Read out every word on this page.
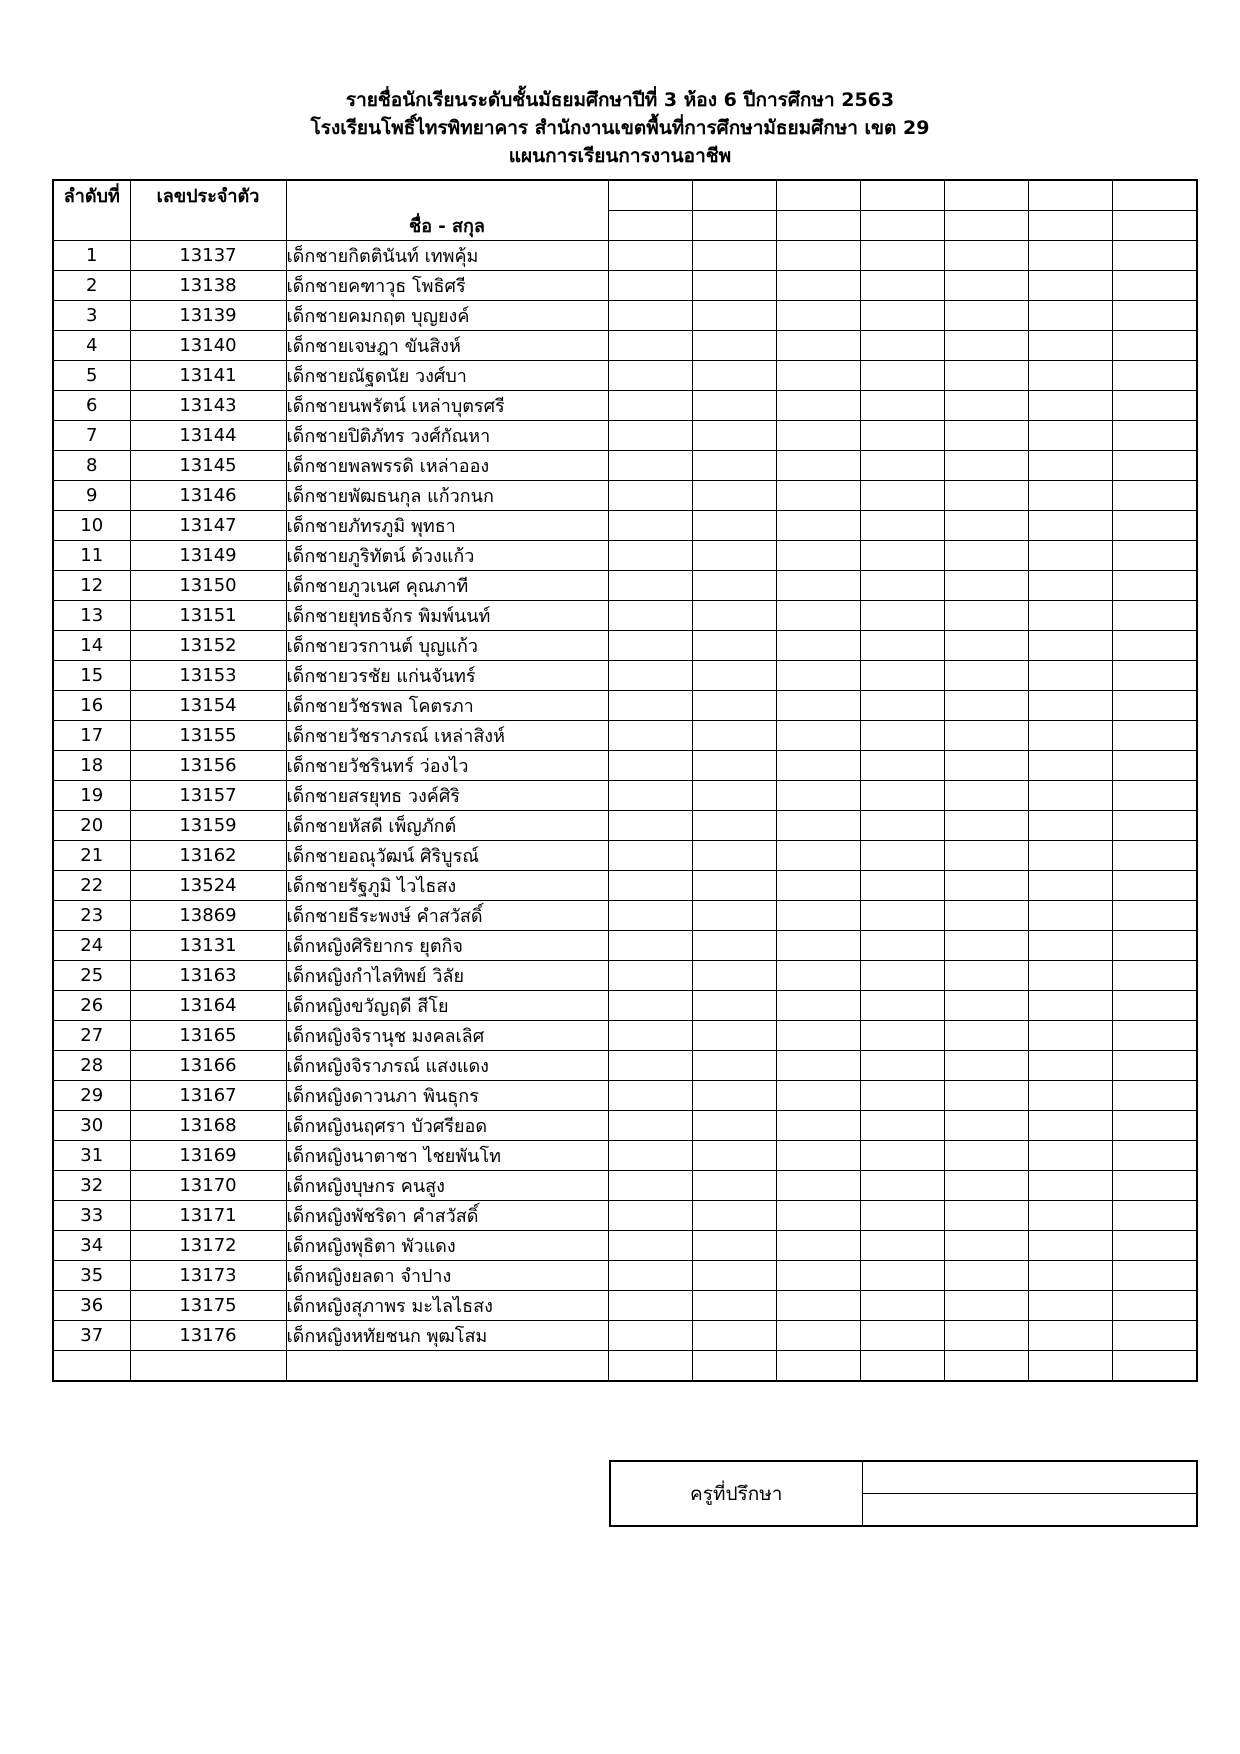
รายชื่อนักเรียนระดับชั้นมัธยมศึกษาปีที่ 3 ห้อง 6 ปีการศึกษา 2563
โรงเรียนโพธิ์ไทรพิทยาคาร สำนักงานเขตพื้นที่การศึกษามัธยมศึกษา เขต 29
แผนการเรียนการงานอาชีพ
ลำดับที่	เลขประจำตัว	ชื่อ - สกุล							

1	13137	เด็กชายกิตตินันท์ เทพคุ้ม							
2	13138	เด็กชายคฑาวุธ โพธิศรี							
3	13139	เด็กชายคมกฤต บุญยงค์							
4	13140	เด็กชายเจษฎา ขันสิงห์							
5	13141	เด็กชายณัฐดนัย วงศ์บา							
6	13143	เด็กชายนพรัตน์ เหล่าบุตรศรี							
7	13144	เด็กชายปิติภัทร วงศ์กัณหา							
8	13145	เด็กชายพลพรรดิ เหล่าออง							
9	13146	เด็กชายพัฒธนกุล แก้วกนก							
10	13147	เด็กชายภัทรภูมิ พุทธา							
11	13149	เด็กชายภูริทัตน์ ด้วงแก้ว							
12	13150	เด็กชายภูวเนศ คุณภาที							
13	13151	เด็กชายยุทธจักร พิมพ์นนท์							
14	13152	เด็กชายวรกานต์ บุญแก้ว							
15	13153	เด็กชายวรชัย แก่นจันทร์							
16	13154	เด็กชายวัชรพล โคตรภา							
17	13155	เด็กชายวัชราภรณ์ เหล่าสิงห์							
18	13156	เด็กชายวัชรินทร์ ว่องไว							
19	13157	เด็กชายสรยุทธ วงค์ศิริ							
20	13159	เด็กชายหัสดี เพ็ญภักต์							
21	13162	เด็กชายอณุวัฒน์ ศิริบูรณ์							
22	13524	เด็กชายรัฐภูมิ ไวไธสง							
23	13869	เด็กชายธีระพงษ์ คำสวัสดิ์							
24	13131	เด็กหญิงศิริยากร ยุตกิจ							
25	13163	เด็กหญิงกำไลทิพย์ วิลัย							
26	13164	เด็กหญิงขวัญฤดี สีโย							
27	13165	เด็กหญิงจิรานุช มงคลเลิศ							
28	13166	เด็กหญิงจิราภรณ์ แสงแดง							
29	13167	เด็กหญิงดาวนภา พินธุกร							
30	13168	เด็กหญิงนฤศรา บัวศรียอด							
31	13169	เด็กหญิงนาตาชา ไชยพันโท							
32	13170	เด็กหญิงบุษกร คนสูง							
33	13171	เด็กหญิงพัชริดา คำสวัสดิ์							
34	13172	เด็กหญิงพุธิตา พัวแดง							
35	13173	เด็กหญิงยลดา จำปาง							
36	13175	เด็กหญิงสุภาพร มะไลไธสง							
37	13176	เด็กหญิงหทัยชนก พุฒโสม							

ครูที่ปรึกษา	
